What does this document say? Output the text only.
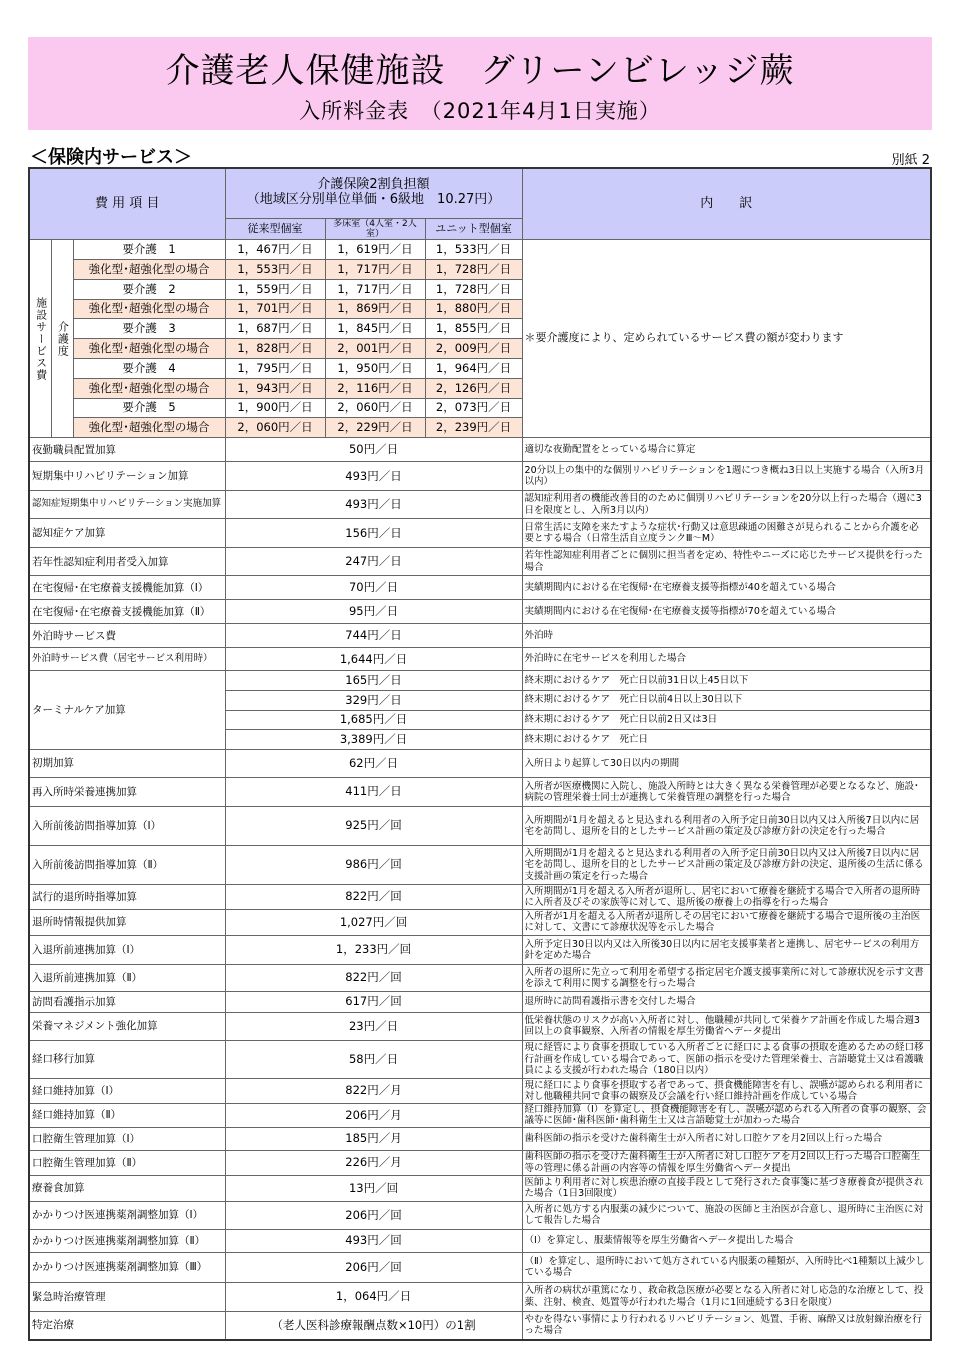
介護老人保健施設　グリーンビレッジ蕨
入所料金表　（2021年4月1日実施）
＜保険内サービス＞	別紙 2
費 用 項 目			介護保険2割負担額
（地域区分別単位単価・6級地　10.27円）			内　　訳
			従来型個室	多床室（4人室・2人室）	ユニット型個室	
施設サービス費	介護度	要介護　1	1，467円／日	1，619円／日	1，533円／日	＊要介護度により、定められているサービス費の額が変わります
		強化型･超強化型の場合	1，553円／日	1，717円／日	1，728円／日	
		要介護　2	1，559円／日	1，717円／日	1，728円／日	
		強化型･超強化型の場合	1，701円／日	1，869円／日	1，880円／日	
		要介護　3	1，687円／日	1，845円／日	1，855円／日	
		強化型･超強化型の場合	1，828円／日	2，001円／日	2，009円／日	
		要介護　4	1，795円／日	1，950円／日	1，964円／日	
		強化型･超強化型の場合	1，943円／日	2，116円／日	2，126円／日	
		要介護　5	1，900円／日	2，060円／日	2，073円／日	
		強化型･超強化型の場合	2，060円／日	2，229円／日	2，239円／日	
夜勤職員配置加算			50円／日			適切な夜勤配置をとっている場合に算定
短期集中リハビリテーション加算			493円／日			20分以上の集中的な個別リハビリテーションを1週につき概ね3日以上実施する場合（入所3月以内）
認知症短期集中リハビリテーション実施加算			493円／日			認知症利用者の機能改善目的のために個別リハビリテーションを20分以上行った場合（週に3日を限度とし、入所3月以内）
認知症ケア加算			156円／日			日常生活に支障を来たすような症状･行動又は意思疎通の困難さが見られることから介護を必要とする場合（日常生活自立度ランクⅢ～M）
若年性認知症利用者受入加算			247円／日			若年性認知症利用者ごとに個別に担当者を定め、特性やニーズに応じたサービス提供を行った場合
在宅復帰･在宅療養支援機能加算（Ⅰ）			70円／日			実績期間内における在宅復帰･在宅療養支援等指標が40を超えている場合
在宅復帰･在宅療養支援機能加算（Ⅱ）			95円／日			実績期間内における在宅復帰･在宅療養支援等指標が70を超えている場合
外泊時サービス費			744円／日			外泊時
外泊時サービス費（居宅サービス利用時）			1,644円／日			外泊時に在宅サービスを利用した場合
ターミナルケア加算			165円／日			終末期におけるケア　死亡日以前31日以上45日以下
			329円／日			終末期におけるケア　死亡日以前4日以上30日以下
			1,685円／日			終末期におけるケア　死亡日以前2日又は3日
			3,389円／日			終末期におけるケア　死亡日
初期加算			62円／日			入所日より起算して30日以内の期間
再入所時栄養連携加算			411円／日			入所者が医療機関に入院し、施設入所時とは大きく異なる栄養管理が必要となるなど、施設･病院の管理栄養士同士が連携して栄養管理の調整を行った場合
入所前後訪問指導加算（Ⅰ）			925円／回			入所期間が1月を超えると見込まれる利用者の入所予定日前30日以内又は入所後7日以内に居宅を訪問し、退所を目的としたサービス計画の策定及び診療方針の決定を行った場合
入所前後訪問指導加算（Ⅱ）			986円／回			入所期間が1月を超えると見込まれる利用者の入所予定日前30日以内又は入所後7日以内に居宅を訪問し、退所を目的としたサービス計画の策定及び診療方針の決定、退所後の生活に係る支援計画の策定を行った場合
試行的退所時指導加算			822円／回			入所期間が1月を超える入所者が退所し、居宅において療養を継続する場合で入所者の退所時に入所者及びその家族等に対して、退所後の療養上の指導を行った場合
退所時情報提供加算			1,027円／回			入所者が1月を超える入所者が退所しその居宅において療養を継続する場合で退所後の主治医に対して、文書にて診療状況等を示した場合
入退所前連携加算（Ⅰ）			1，233円／回			入所予定日30日以内又は入所後30日以内に居宅支援事業者と連携し、居宅サービスの利用方針を定めた場合
入退所前連携加算（Ⅱ）			822円／回			入所者の退所に先立って利用を希望する指定居宅介護支援事業所に対して診療状況を示す文書を添えて利用に関する調整を行った場合
訪問看護指示加算			617円／回			退所時に訪問看護指示書を交付した場合
栄養マネジメント強化加算			23円／日			低栄養状態のリスクが高い入所者に対し、他職種が共同して栄養ケア計画を作成した場合週3回以上の食事観察、入所者の情報を厚生労働省へデータ提出
経口移行加算			58円／日			現に経管により食事を摂取している入所者ごとに経口による食事の摂取を進めるための経口移行計画を作成している場合であって、医師の指示を受けた管理栄養士、言語聴覚士又は看護職員による支援が行われた場合（180日以内）
経口維持加算（Ⅰ）			822円／月			現に経口により食事を摂取する者であって、摂食機能障害を有し、誤嚥が認められる利用者に対し他職種共同で食事の観察及び会議を行い経口維持計画を作成している場合
経口維持加算（Ⅱ）			206円／月			経口維持加算（Ⅰ）を算定し、摂食機能障害を有し、誤嚥が認められる入所者の食事の観察、会議等に医師･歯科医師･歯科衛生士又は言語聴覚士が加わった場合
口腔衛生管理加算（Ⅰ）			185円／月			歯科医師の指示を受けた歯科衛生士が入所者に対し口腔ケアを月2回以上行った場合
口腔衛生管理加算（Ⅱ）			226円／月			歯科医師の指示を受けた歯科衛生士が入所者に対し口腔ケアを月2回以上行った場合口腔衛生等の管理に係る計画の内容等の情報を厚生労働省へデータ提出
療養食加算			13円／回			医師より利用者に対し疾患治療の直接手段として発行された食事箋に基づき療養食が提供された場合（1日3回限度）
かかりつけ医連携薬剤調整加算（Ⅰ）			206円／回			入所者に処方する内服薬の減少について、施設の医師と主治医が合意し、退所時に主治医に対して報告した場合
かかりつけ医連携薬剤調整加算（Ⅱ）			493円／回			（Ⅰ）を算定し、服薬情報等を厚生労働省へデータ提出した場合
かかりつけ医連携薬剤調整加算（Ⅲ）			206円／回			（Ⅱ）を算定し、退所時において処方されている内服薬の種類が、入所時比べ1種類以上減少している場合
緊急時治療管理			1，064円／日			入所者の病状が重篤になり、救命救急医療が必要となる入所者に対し応急的な治療として、投薬、注射、検査、処置等が行われた場合（1月に1回連続する3日を限度）
特定治療			（老人医科診療報酬点数×10円）の1割			やむを得ない事情により行われるリハビリテーション、処置、手術、麻酔又は放射線治療を行った場合
